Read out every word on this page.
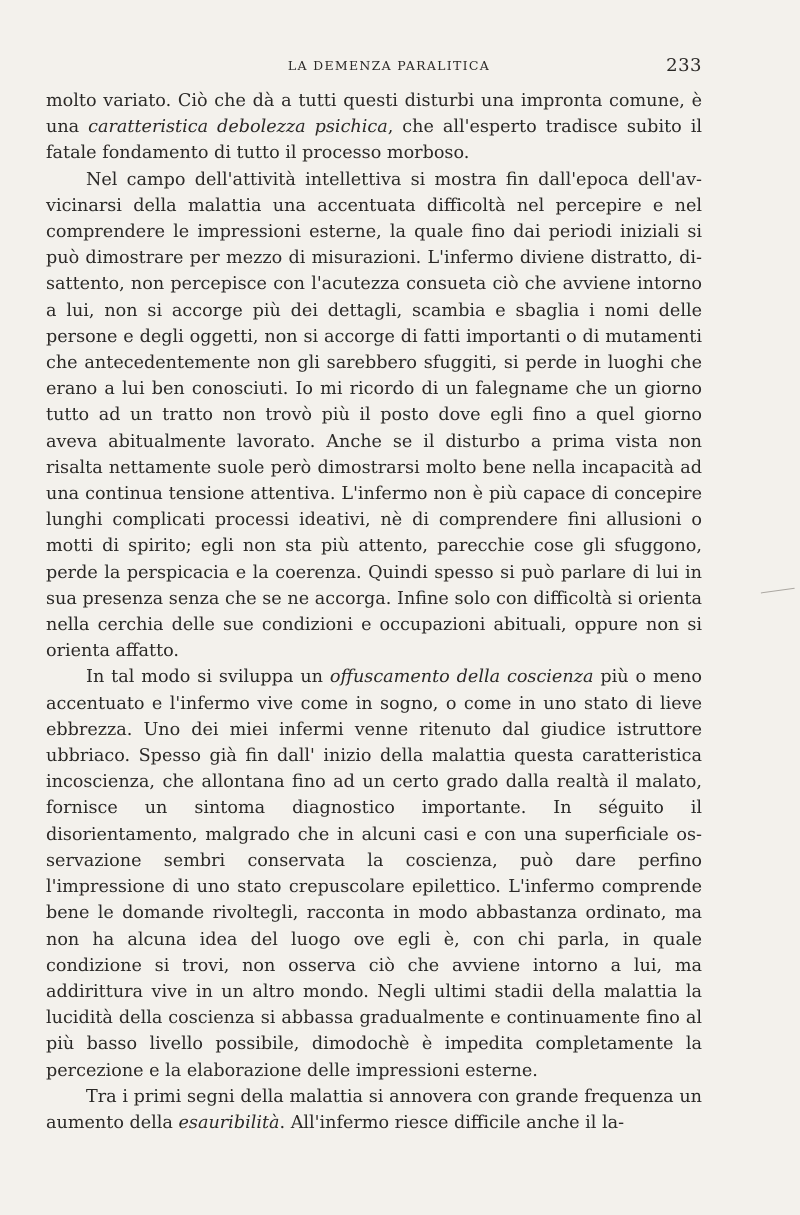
LA DEMENZA PARALITICA	233

molto variato. Ciò che dà a tutti questi disturbi una impronta comune, è una caratteristica debolezza psichica, che all'esperto tradisce subito il fatale fondamento di tutto il processo morboso.

Nel campo dell'attività intellettiva si mostra fin dall'epoca dell'avvicinarsi della malattia una accentuata difficoltà nel percepire e nel comprendere le impressioni esterne, la quale fino dai periodi iniziali si può dimostrare per mezzo di misurazioni. L'infermo diviene distratto, disattento, non percepisce con l'acutezza consueta ciò che avviene intorno a lui, non si accorge più dei dettagli, scambia e sbaglia i nomi delle persone e degli oggetti, non si accorge di fatti importanti o di mutamenti che antecedentemente non gli sarebbero sfuggiti, si perde in luoghi che erano a lui ben conosciuti. Io mi ricordo di un falegname che un giorno tutto ad un tratto non trovò più il posto dove egli fino a quel giorno aveva abitualmente lavorato. Anche se il disturbo a prima vista non risalta nettamente suole però dimostrarsi molto bene nella incapacità ad una continua tensione attentiva. L'infermo non è più capace di concepire lunghi complicati processi ideativi, nè di comprendere fini allusioni o motti di spirito; egli non sta più attento, parecchie cose gli sfuggono, perde la perspicacia e la coerenza. Quindi spesso si può parlare di lui in sua presenza senza che se ne accorga. Infine solo con difficoltà si orienta nella cerchia delle sue condizioni e occupazioni abituali, oppure non si orienta affatto.

In tal modo si sviluppa un offuscamento della coscienza più o meno accentuato e l'infermo vive come in sogno, o come in uno stato di lieve ebbrezza. Uno dei miei infermi venne ritenuto dal giudice istruttore ubbriaco. Spesso già fin dall' inizio della malattia questa caratteristica incoscienza, che allontana fino ad un certo grado dalla realtà il malato, fornisce un sintoma diagnostico importante. In séguito il disorientamento, malgrado che in alcuni casi e con una superficiale osservazione sembri conservata la coscienza, può dare perfino l'impressione di uno stato crepuscolare epilettico. L'infermo comprende bene le domande rivoltegli, racconta in modo abbastanza ordinato, ma non ha alcuna idea del luogo ove egli è, con chi parla, in quale condizione si trovi, non osserva ciò che avviene intorno a lui, ma addirittura vive in un altro mondo. Negli ultimi stadii della malattia la lucidità della coscienza si abbassa gradualmente e continuamente fino al più basso livello possibile, dimodochè è impedita completamente la percezione e la elaborazione delle impressioni esterne.

Tra i primi segni della malattia si annovera con grande frequenza un aumento della esauribilità. All'infermo riesce difficile anche il la-
